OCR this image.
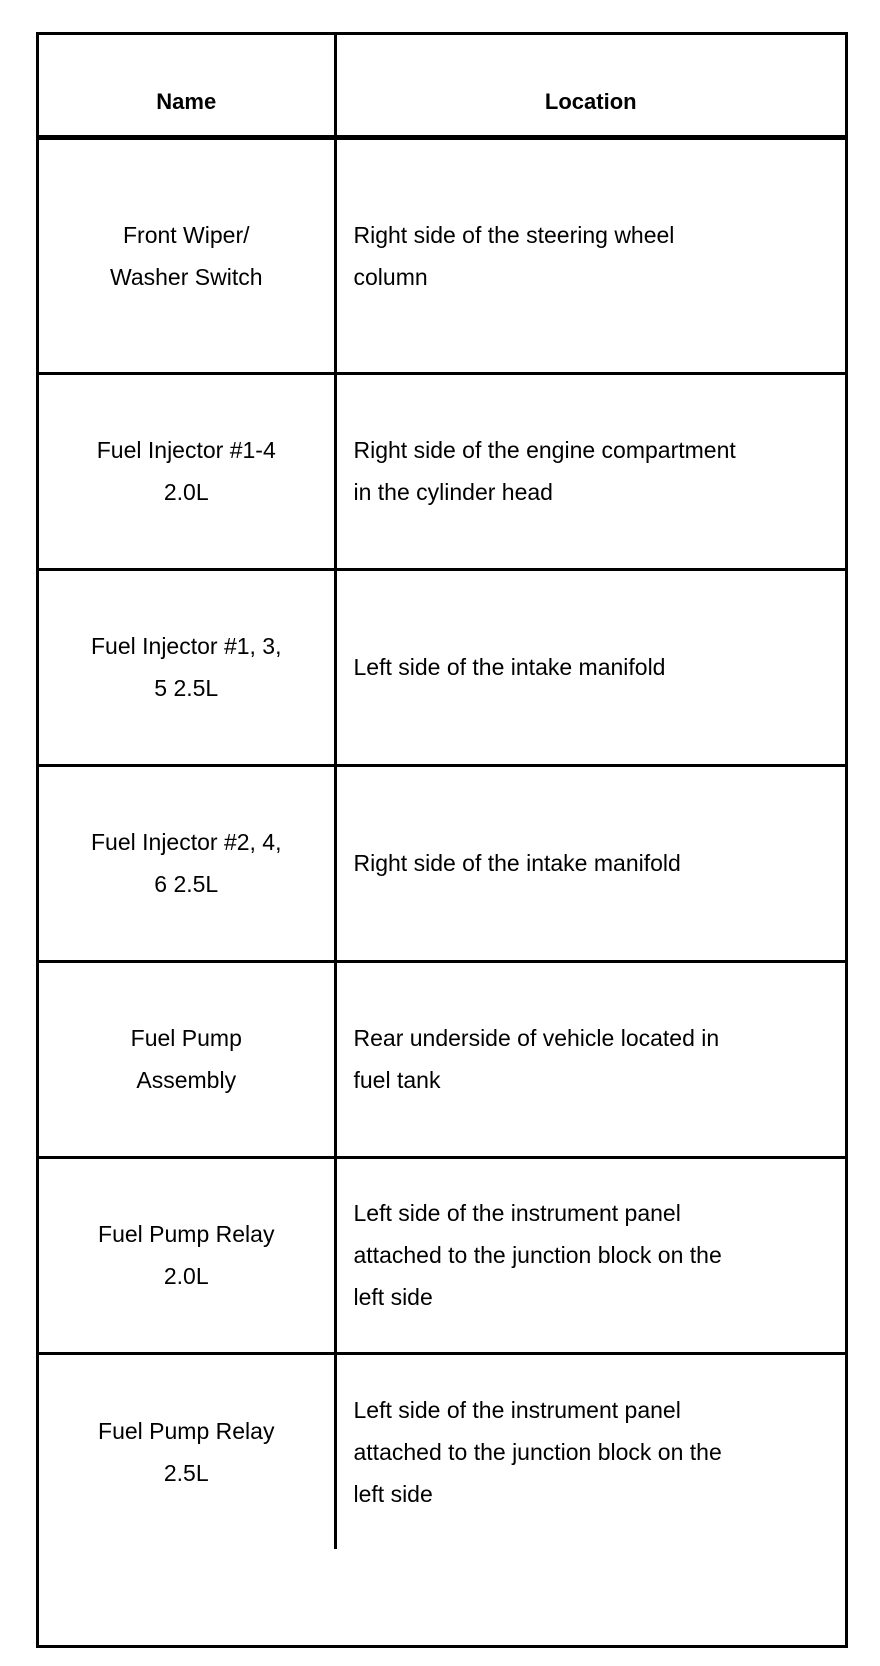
Name	Location

Front Wiper/
Washer Switch	Right side of the steering wheel column

Fuel Injector #1-4
2.0L	Right side of the engine compartment in the cylinder head

Fuel Injector #1, 3,
5 2.5L	Left side of the intake manifold

Fuel Injector #2, 4,
6 2.5L	Right side of the intake manifold

Fuel Pump
Assembly	Rear underside of vehicle located in fuel tank

Fuel Pump Relay
2.0L	Left side of the instrument panel attached to the junction block on the left side

Fuel Pump Relay
2.5L	Left side of the instrument panel attached to the junction block on the left side
